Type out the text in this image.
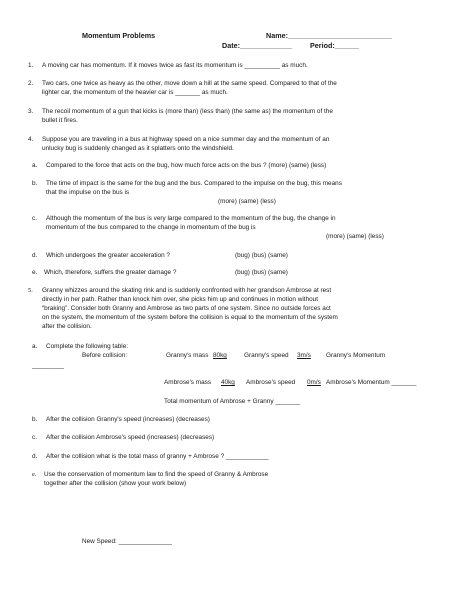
Momentum Problems	Name:__________________________
Date:_____________	Period:______
1. A moving car has momentum. If it moves twice as fast its momentum is __________ as much.
2. Two cars, one twice as heavy as the other, move down a hill at the same speed. Compared to that of the
lighter car, the momentum of the heavier car is _______ as much.
3. The recoil momentum of a gun that kicks is (more than) (less than) (the same as) the momentum of the
bullet it fires.
4. Suppose you are traveling in a bus at highway speed on a nice summer day and the momentum of an
unlucky bug is suddenly changed as it splatters onto the windshield.
a. Compared to the force that acts on the bug, how much force acts on the bus ? (more) (same) (less)
b. The time of impact is the same for the bug and the bus. Compared to the impulse on the bug, this means
that the impulse on the bus is
(more) (same) (less)
c. Although the momentum of the bus is very large compared to the momentum of the bug, the change in
momentum of the bus compared to the change in momentum of the bug is
(more) (same) (less)
d. Which undergoes the greater acceleration ?	(bug) (bus) (same)
e. Which, therefore, suffers the greater damage ?	(bug) (bus) (same)
5. Granny whizzes around the skating rink and is suddenly confronted with her grandson Ambrose at rest
directly in her path. Rather than knock him over, she picks him up and continues in motion without
“braking”. Consider both Granny and Ambrose as two parts of one system. Since no outside forces act
on the system, the momentum of the system before the collision is equal to the momentum of the system
after the collision.
a. Complete the following table:
Before collision:	Granny's mass 80kg	Granny's speed 3m/s Granny's Momentum
_________
Ambrose's mass 40kg Ambrose's speed 0m/s Ambrose's Momentum _______
Total momentum of Ambrose + Granny _______
b. After the collision Granny's speed (increases) (decreases)
c. After the collision Ambrose's speed (increases) (decreases)
d. After the collision what is the total mass of granny + Ambrose ? ____________
e. Use the conservation of momentum law to find the speed of Granny & Ambrose
together after the collision (show your work below)
New Speed: _______________
